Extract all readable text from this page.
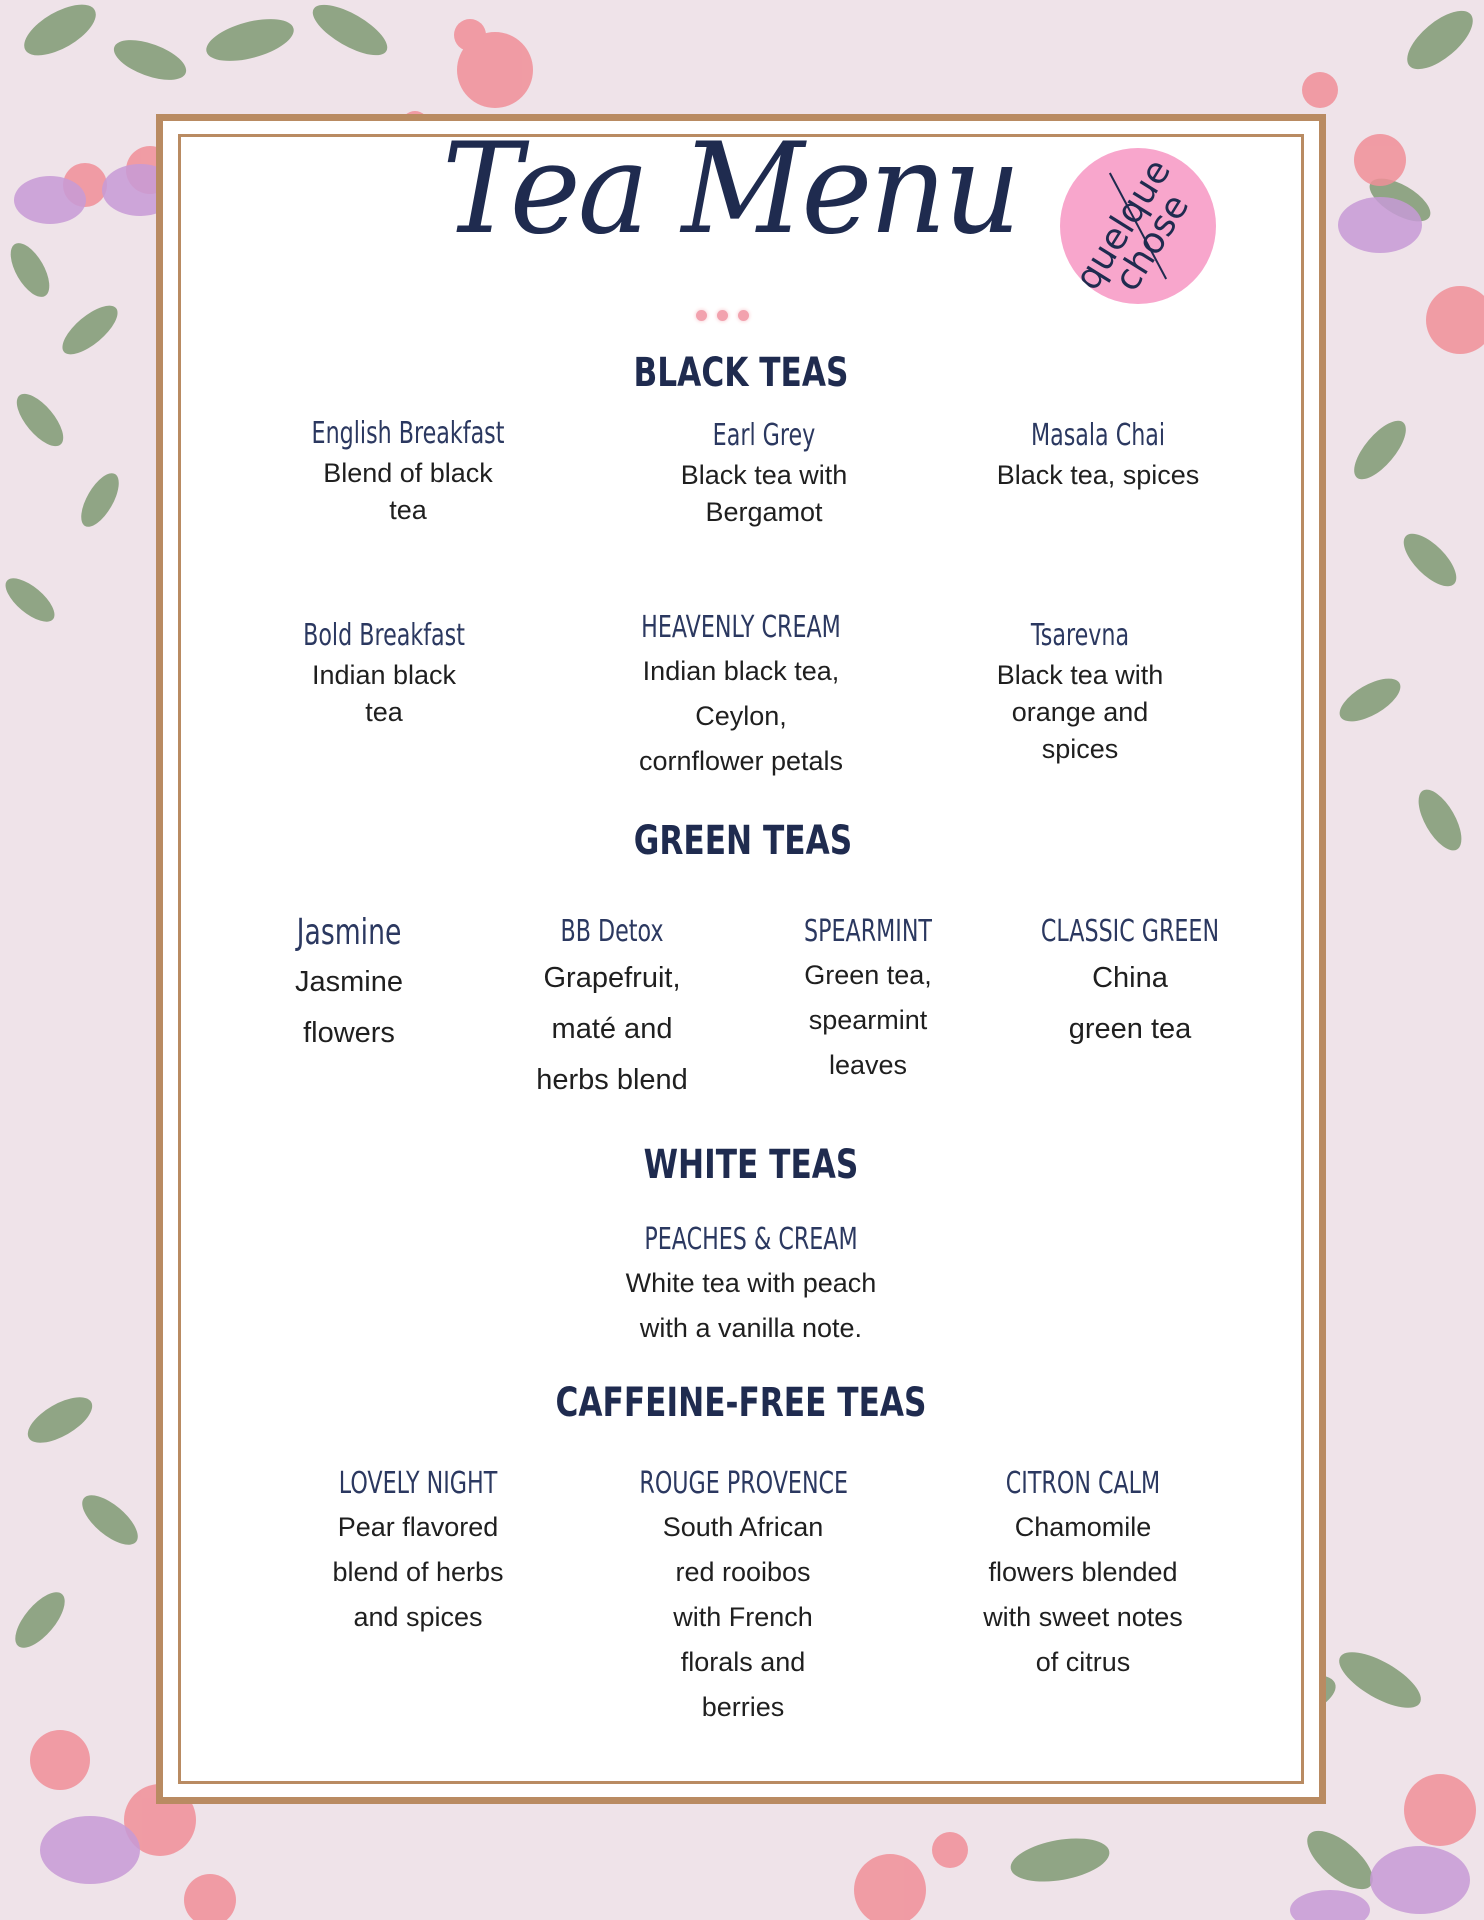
Tea Menu	quelque chose
BLACK TEAS
English Breakfast
Blend of black
tea
Earl Grey
Black tea with
Bergamot
Masala Chai
Black tea, spices
Bold Breakfast
Indian black
tea
HEAVENLY CREAM
Indian black tea,
Ceylon,
cornflower petals
Tsarevna
Black tea with
orange and
spices
GREEN TEAS
Jasmine
Jasmine
flowers
BB Detox
Grapefruit,
maté and
herbs blend
SPEARMINT
Green tea,
spearmint
leaves
CLASSIC GREEN
China
green tea
WHITE TEAS
PEACHES & CREAM
White tea with peach
with a vanilla note.
CAFFEINE-FREE TEAS
LOVELY NIGHT
Pear flavored
blend of herbs
and spices
ROUGE PROVENCE
South African
red rooibos
with French
florals and
berries
CITRON CALM
Chamomile
flowers blended
with sweet notes
of citrus
